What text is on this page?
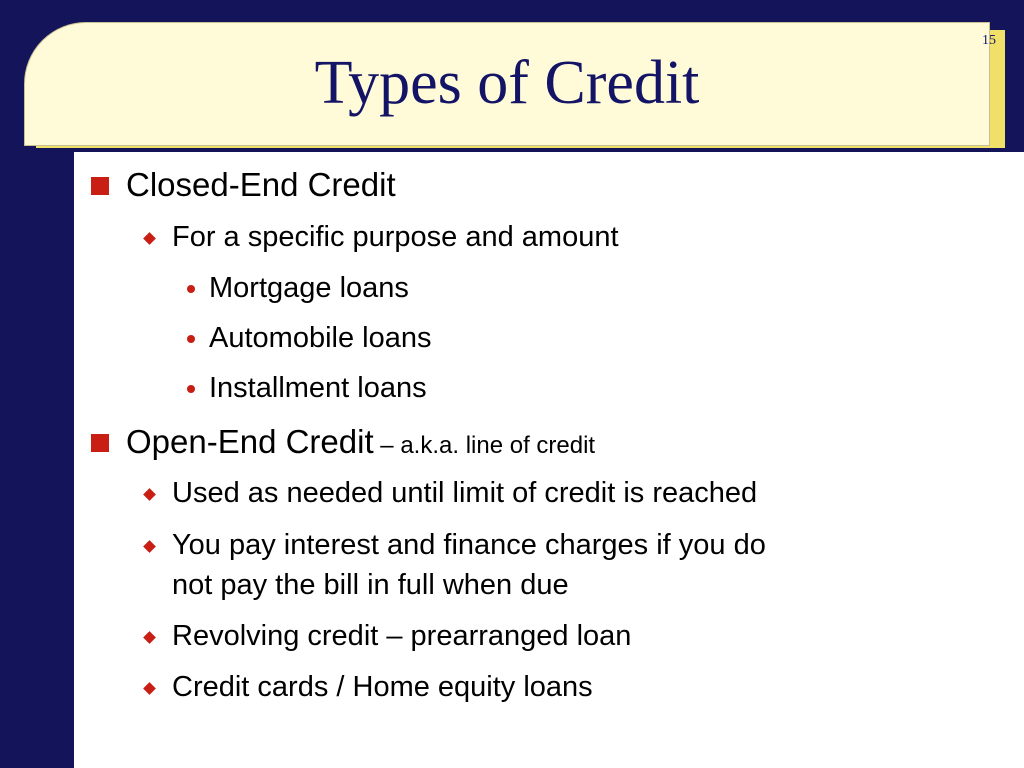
Types of Credit
15
Closed-End Credit
For a specific purpose and amount
Mortgage loans
Automobile loans
Installment loans
Open-End Credit – a.k.a. line of credit
Used as needed until limit of credit is reached
You pay interest and finance charges if you do
not pay the bill in full when due
Revolving credit – prearranged loan
Credit cards / Home equity loans
